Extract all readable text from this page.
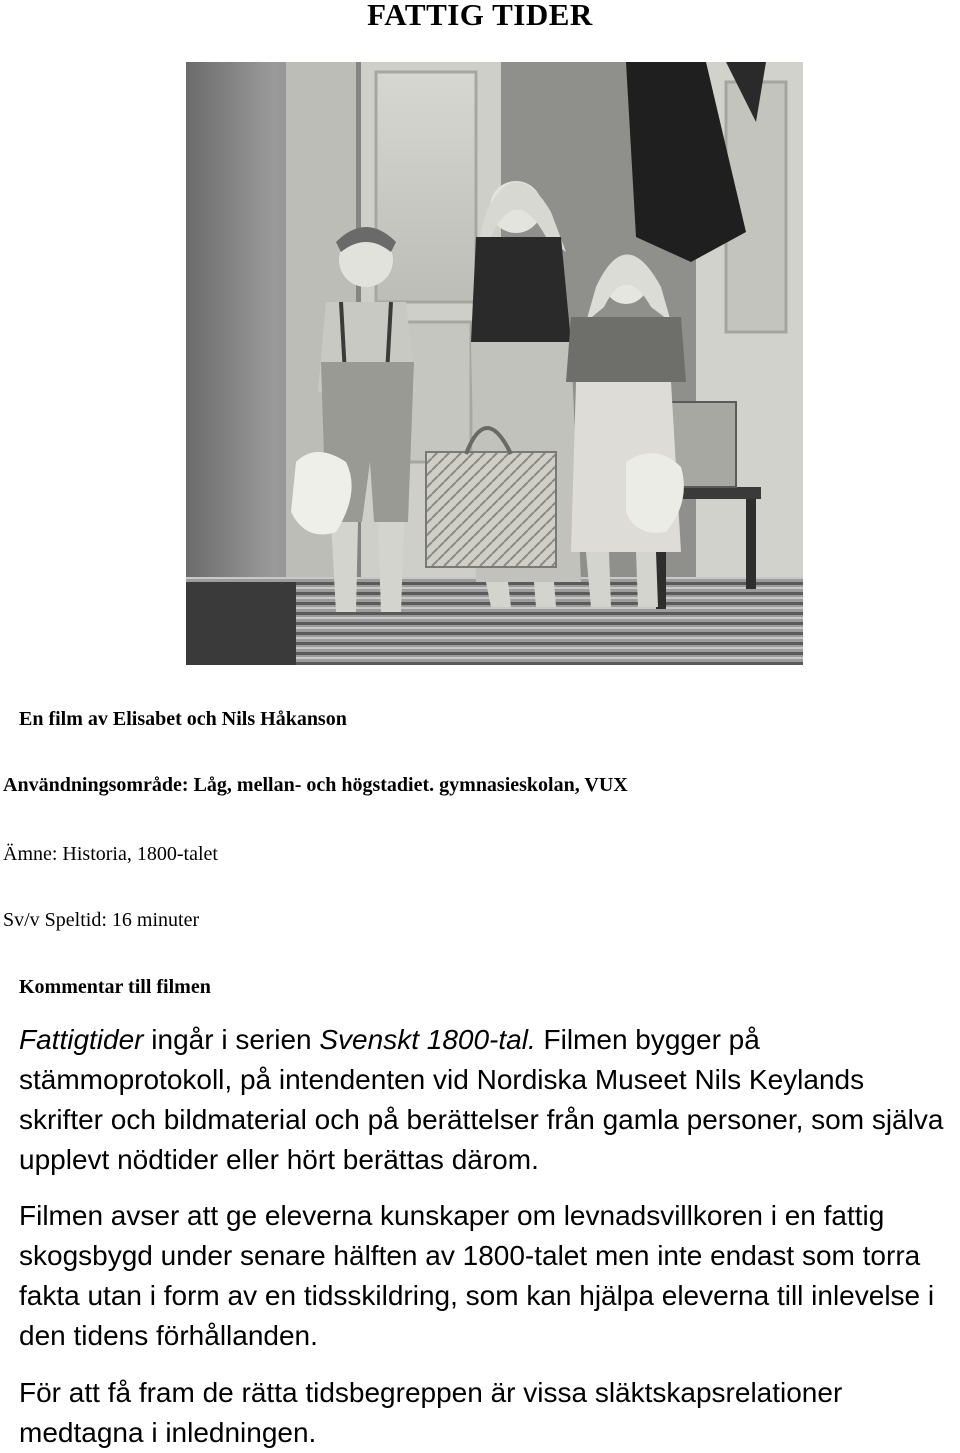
FATTIG TIDER

En film av Elisabet och Nils Håkanson

Användningsområde: Låg, mellan- och högstadiet. gymnasieskolan, VUX

Ämne: Historia, 1800-talet

Sv/v Speltid: 16 minuter

Kommentar till filmen

Fattigtider ingår i serien Svenskt 1800-tal. Filmen bygger på stämmoprotokoll, på intendenten vid Nordiska Museet Nils Keylands skrifter och bildmaterial och på berättelser från gamla personer, som själva upplevt nödtider eller hört berättas därom.

Filmen avser att ge eleverna kunskaper om levnadsvillkoren i en fattig skogsbygd under senare hälften av 1800-talet men inte endast som torra fakta utan i form av en tidsskildring, som kan hjälpa eleverna till inlevelse i den tidens förhållanden.

För att få fram de rätta tidsbegreppen är vissa släktskapsrelationer medtagna i inledningen.
